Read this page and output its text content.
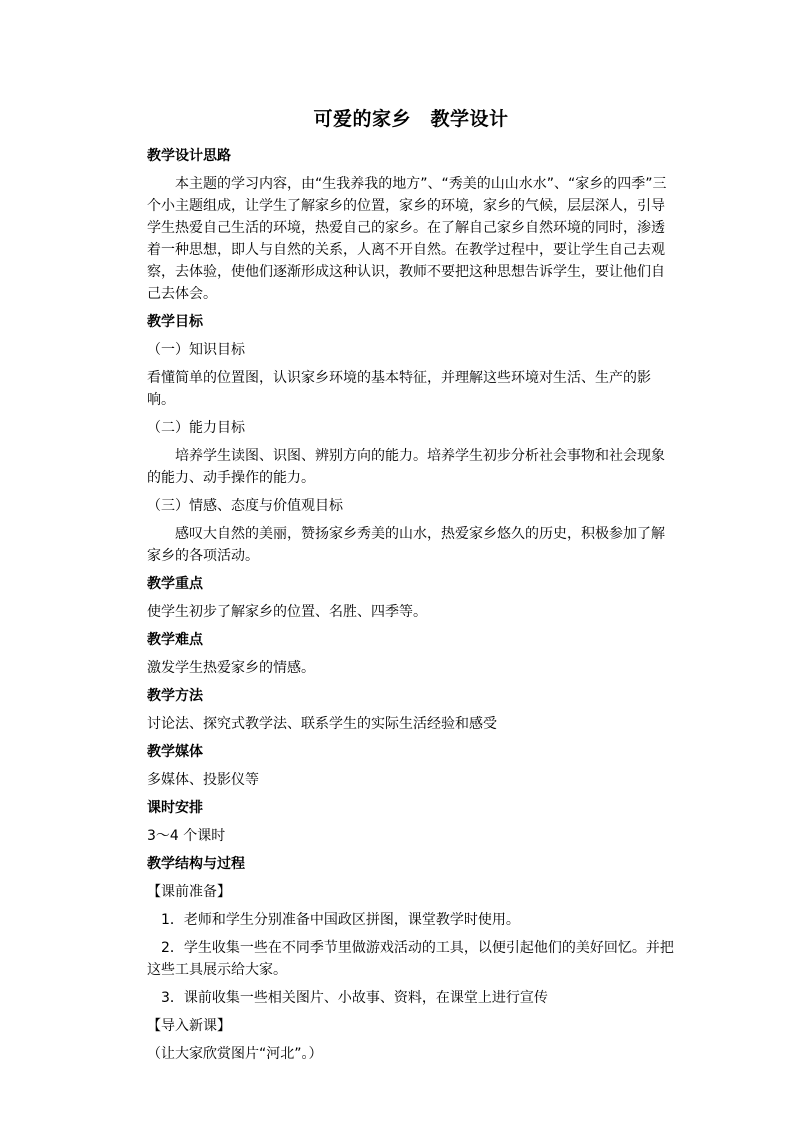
可爱的家乡　教学设计
教学设计思路
本主题的学习内容，由“生我养我的地方”、“秀美的山山水水”、“家乡的四季”三个小主题组成，让学生了解家乡的位置，家乡的环境，家乡的气候，层层深人，引导学生热爱自己生活的环境，热爱自己的家乡。在了解自己家乡自然环境的同时，渗透着一种思想，即人与自然的关系，人离不开自然。在教学过程中，要让学生自己去观察，去体验，使他们逐渐形成这种认识，教师不要把这种思想告诉学生，要让他们自己去体会。
教学目标
（一）知识目标
看懂简单的位置图，认识家乡环境的基本特征，并理解这些环境对生活、生产的影响。
（二）能力目标
培养学生读图、识图、辨别方向的能力。培养学生初步分析社会事物和社会现象的能力、动手操作的能力。
（三）情感、态度与价值观目标
感叹大自然的美丽，赞扬家乡秀美的山水，热爱家乡悠久的历史，积极参加了解家乡的各项活动。
教学重点
使学生初步了解家乡的位置、名胜、四季等。
教学难点
激发学生热爱家乡的情感。
教学方法
讨论法、探究式教学法、联系学生的实际生活经验和感受
教学媒体
多媒体、投影仪等
课时安排
3～4 个课时
教学结构与过程
【课前准备】
1．老师和学生分别准备中国政区拼图，课堂教学时使用。
2．学生收集一些在不同季节里做游戏活动的工具，以便引起他们的美好回忆。并把这些工具展示给大家。
3．课前收集一些相关图片、小故事、资料，在课堂上进行宣传
【导入新课】
（让大家欣赏图片“河北”。）
